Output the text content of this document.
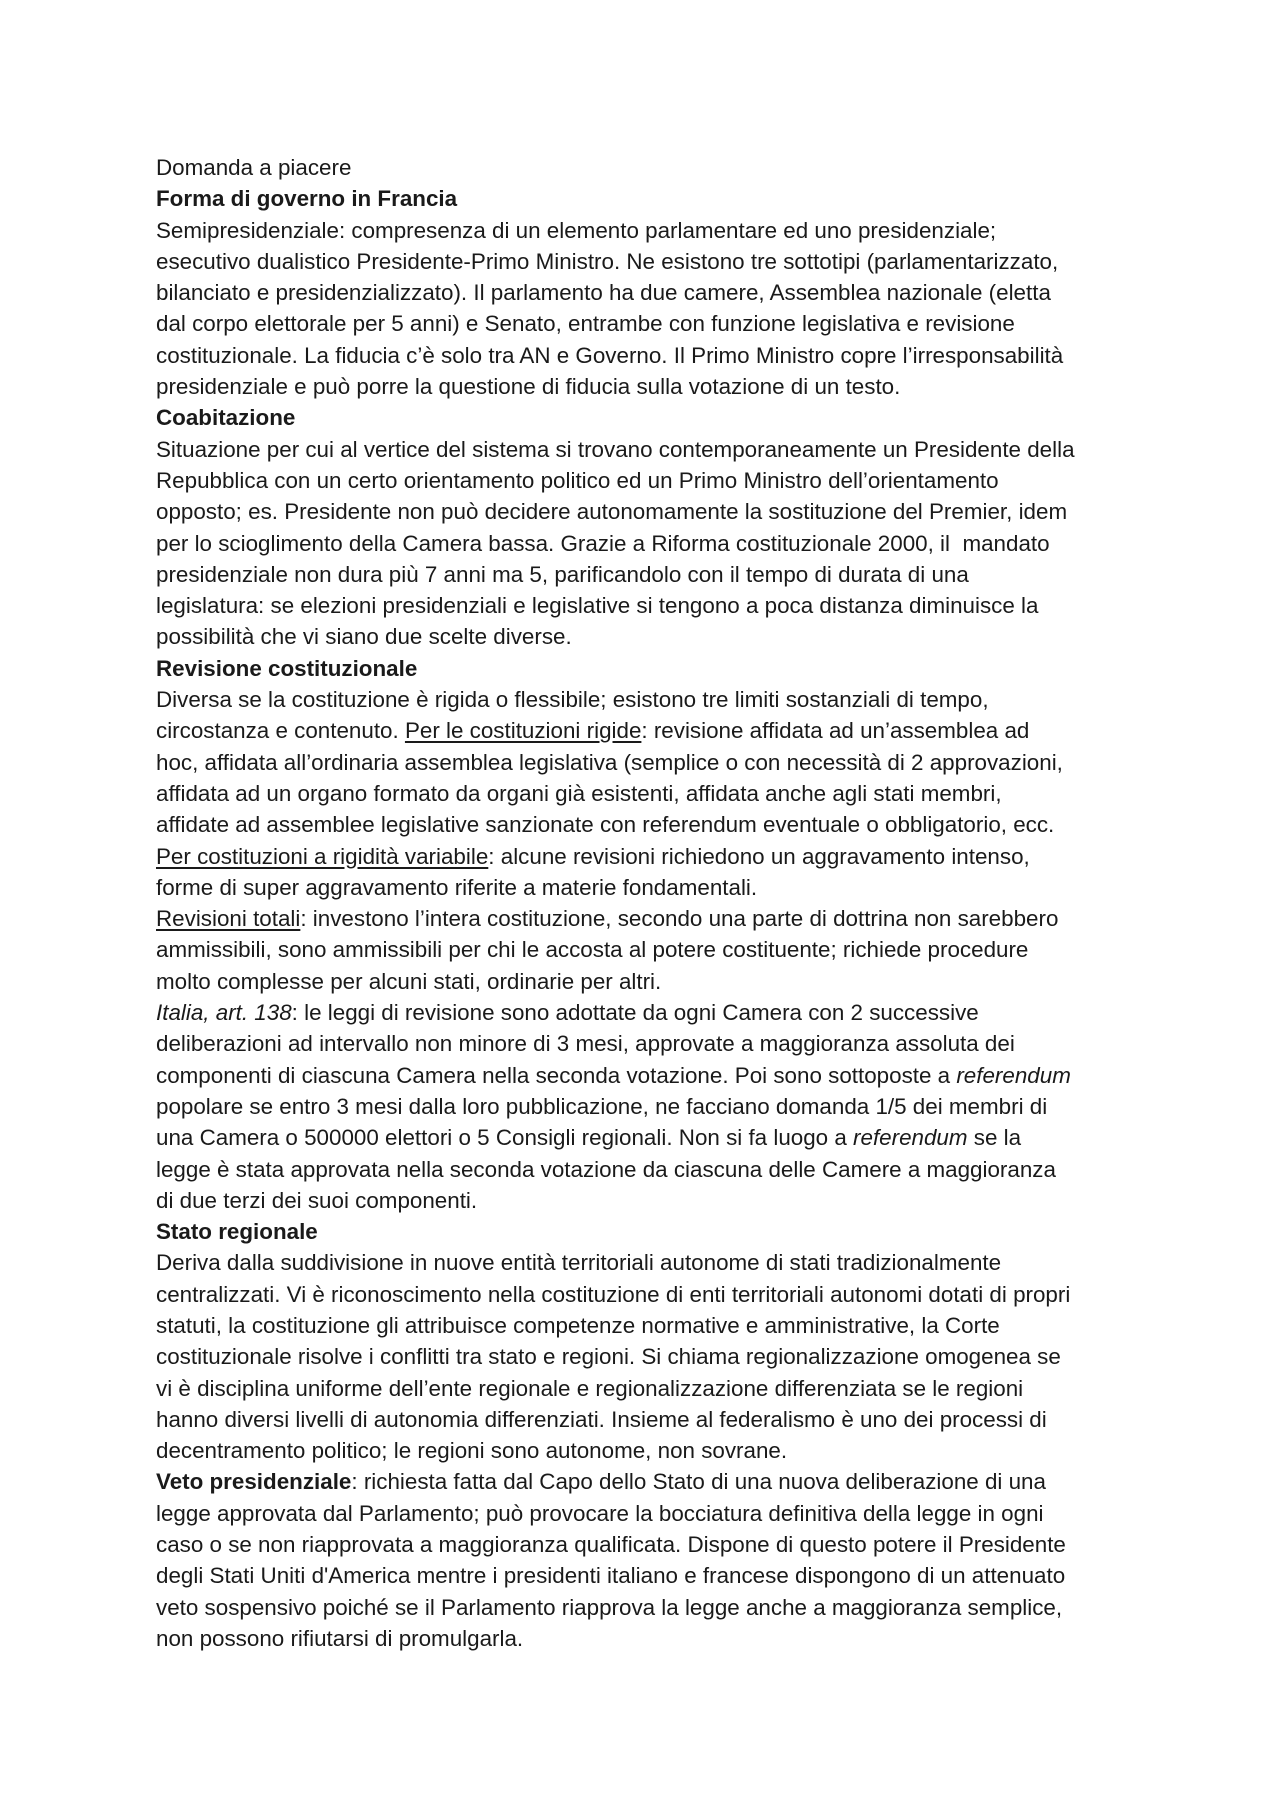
Domanda a piacere
Forma di governo in Francia
Semipresidenziale: compresenza di un elemento parlamentare ed uno presidenziale;
esecutivo dualistico Presidente-Primo Ministro. Ne esistono tre sottotipi (parlamentarizzato,
bilanciato e presidenzializzato). Il parlamento ha due camere, Assemblea nazionale (eletta
dal corpo elettorale per 5 anni) e Senato, entrambe con funzione legislativa e revisione
costituzionale. La fiducia c’è solo tra AN e Governo. Il Primo Ministro copre l’irresponsabilità
presidenziale e può porre la questione di fiducia sulla votazione di un testo.
Coabitazione
Situazione per cui al vertice del sistema si trovano contemporaneamente un Presidente della
Repubblica con un certo orientamento politico ed un Primo Ministro dell’orientamento
opposto; es. Presidente non può decidere autonomamente la sostituzione del Premier, idem
per lo scioglimento della Camera bassa. Grazie a Riforma costituzionale 2000, il  mandato
presidenziale non dura più 7 anni ma 5, parificandolo con il tempo di durata di una
legislatura: se elezioni presidenziali e legislative si tengono a poca distanza diminuisce la
possibilità che vi siano due scelte diverse.
Revisione costituzionale
Diversa se la costituzione è rigida o flessibile; esistono tre limiti sostanziali di tempo,
circostanza e contenuto. Per le costituzioni rigide: revisione affidata ad un’assemblea ad
hoc, affidata all’ordinaria assemblea legislativa (semplice o con necessità di 2 approvazioni,
affidata ad un organo formato da organi già esistenti, affidata anche agli stati membri,
affidate ad assemblee legislative sanzionate con referendum eventuale o obbligatorio, ecc.
Per costituzioni a rigidità variabile: alcune revisioni richiedono un aggravamento intenso,
forme di super aggravamento riferite a materie fondamentali.
Revisioni totali: investono l’intera costituzione, secondo una parte di dottrina non sarebbero
ammissibili, sono ammissibili per chi le accosta al potere costituente; richiede procedure
molto complesse per alcuni stati, ordinarie per altri.
Italia, art. 138: le leggi di revisione sono adottate da ogni Camera con 2 successive
deliberazioni ad intervallo non minore di 3 mesi, approvate a maggioranza assoluta dei
componenti di ciascuna Camera nella seconda votazione. Poi sono sottoposte a referendum
popolare se entro 3 mesi dalla loro pubblicazione, ne facciano domanda 1/5 dei membri di
una Camera o 500000 elettori o 5 Consigli regionali. Non si fa luogo a referendum se la
legge è stata approvata nella seconda votazione da ciascuna delle Camere a maggioranza
di due terzi dei suoi componenti.
Stato regionale
Deriva dalla suddivisione in nuove entità territoriali autonome di stati tradizionalmente
centralizzati. Vi è riconoscimento nella costituzione di enti territoriali autonomi dotati di propri
statuti, la costituzione gli attribuisce competenze normative e amministrative, la Corte
costituzionale risolve i conflitti tra stato e regioni. Si chiama regionalizzazione omogenea se
vi è disciplina uniforme dell’ente regionale e regionalizzazione differenziata se le regioni
hanno diversi livelli di autonomia differenziati. Insieme al federalismo è uno dei processi di
decentramento politico; le regioni sono autonome, non sovrane.
Veto presidenziale: richiesta fatta dal Capo dello Stato di una nuova deliberazione di una
legge approvata dal Parlamento; può provocare la bocciatura definitiva della legge in ogni
caso o se non riapprovata a maggioranza qualificata. Dispone di questo potere il Presidente
degli Stati Uniti d'America mentre i presidenti italiano e francese dispongono di un attenuato
veto sospensivo poiché se il Parlamento riapprova la legge anche a maggioranza semplice,
non possono rifiutarsi di promulgarla.
